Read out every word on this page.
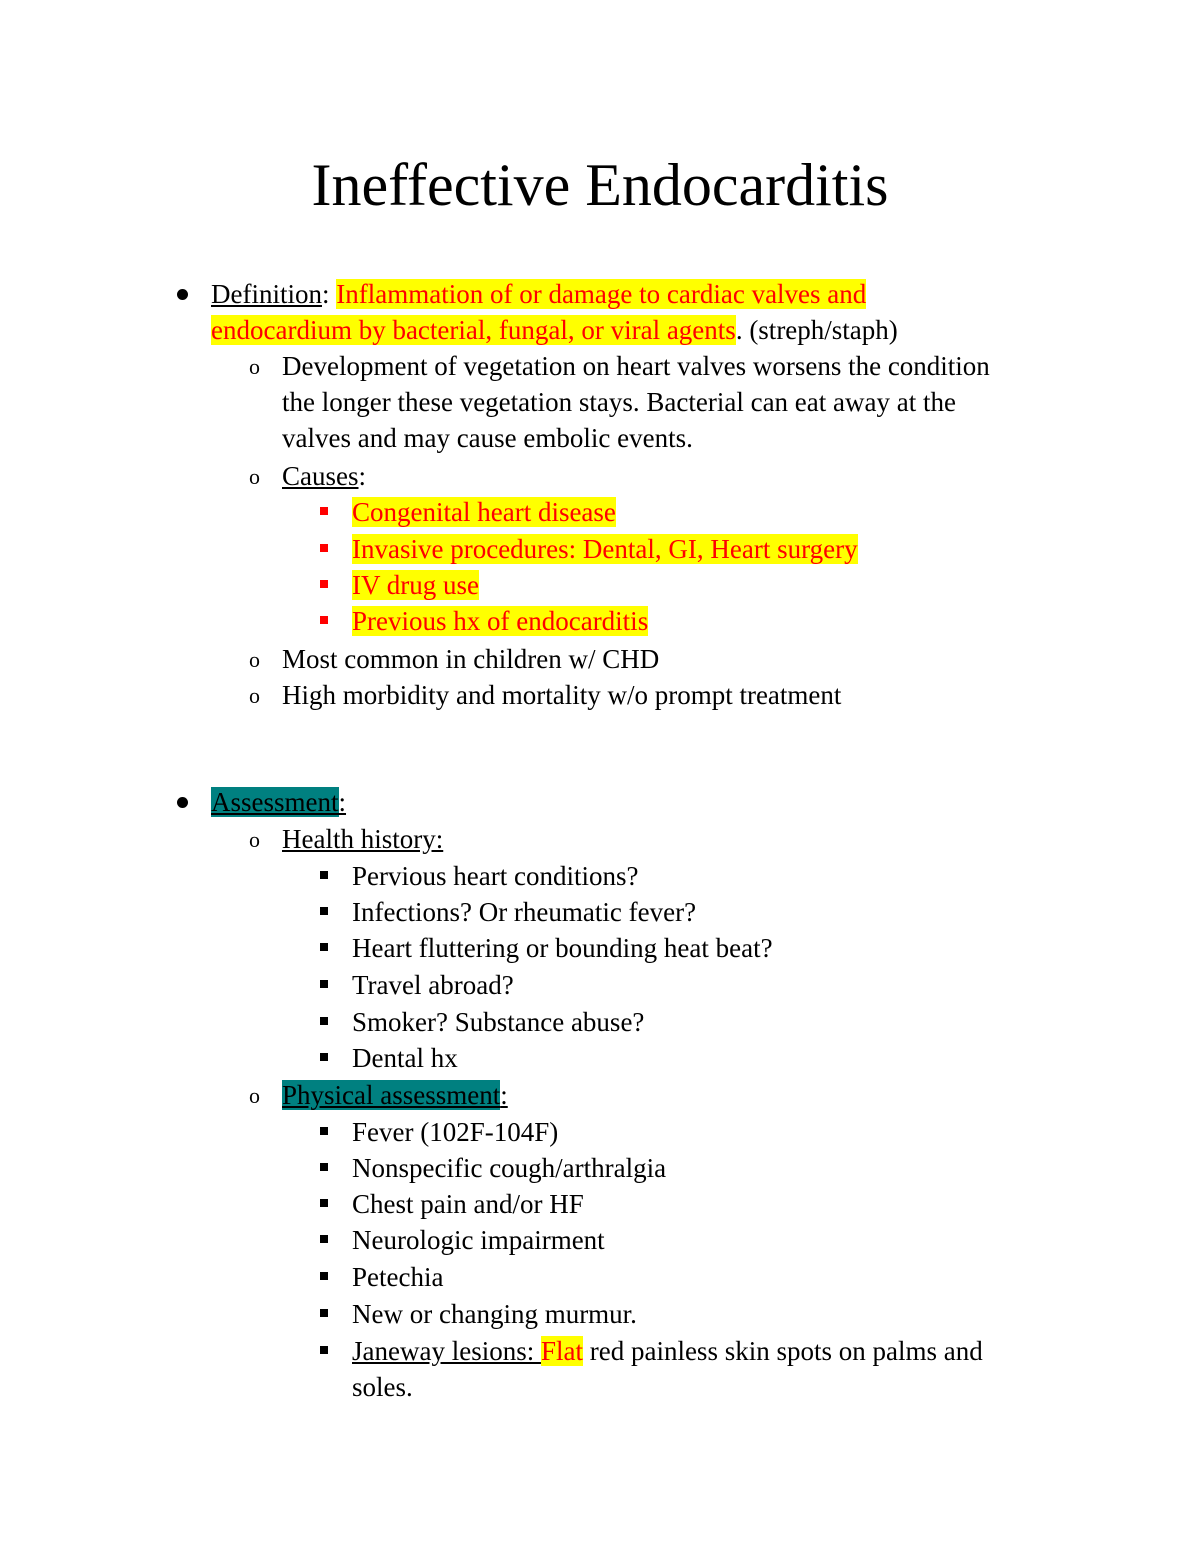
Ineffective Endocarditis
Definition: Inflammation of or damage to cardiac valves and
endocardium by bacterial, fungal, or viral agents. (streph/staph)
o Development of vegetation on heart valves worsens the condition
the longer these vegetation stays. Bacterial can eat away at the
valves and may cause embolic events.
o Causes:
Congenital heart disease
Invasive procedures: Dental, GI, Heart surgery
IV drug use
Previous hx of endocarditis
o Most common in children w/ CHD
o High morbidity and mortality w/o prompt treatment
Assessment:
o Health history:
Pervious heart conditions?
Infections? Or rheumatic fever?
Heart fluttering or bounding heat beat?
Travel abroad?
Smoker? Substance abuse?
Dental hx
o Physical assessment:
Fever (102F-104F)
Nonspecific cough/arthralgia
Chest pain and/or HF
Neurologic impairment
Petechia
New or changing murmur.
Janeway lesions: Flat red painless skin spots on palms and
soles.
